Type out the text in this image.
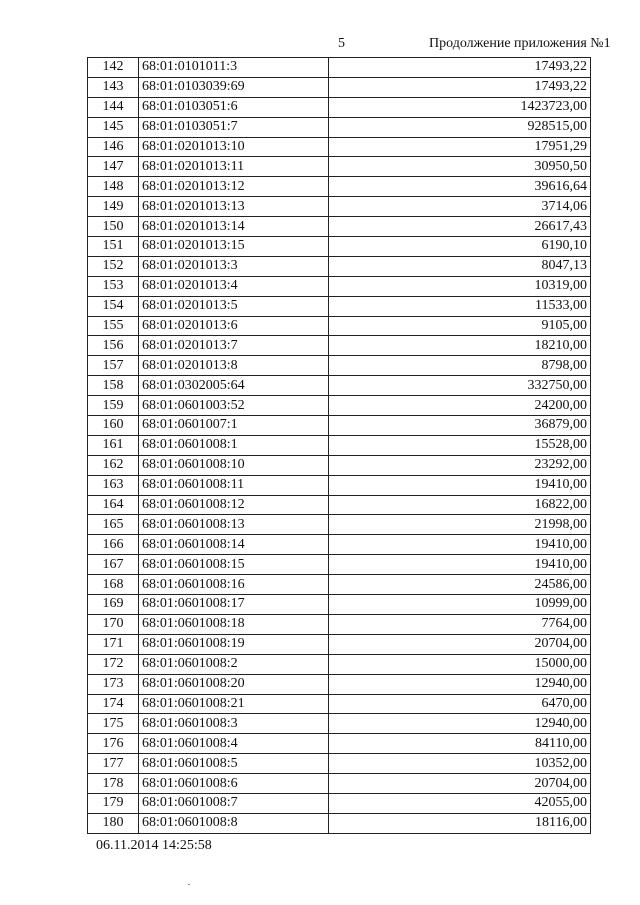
5	Продолжение приложения №1
142	68:01:0101011:3	17493,22
143	68:01:0103039:69	17493,22
144	68:01:0103051:6	1423723,00
145	68:01:0103051:7	928515,00
146	68:01:0201013:10	17951,29
147	68:01:0201013:11	30950,50
148	68:01:0201013:12	39616,64
149	68:01:0201013:13	3714,06
150	68:01:0201013:14	26617,43
151	68:01:0201013:15	6190,10
152	68:01:0201013:3	8047,13
153	68:01:0201013:4	10319,00
154	68:01:0201013:5	11533,00
155	68:01:0201013:6	9105,00
156	68:01:0201013:7	18210,00
157	68:01:0201013:8	8798,00
158	68:01:0302005:64	332750,00
159	68:01:0601003:52	24200,00
160	68:01:0601007:1	36879,00
161	68:01:0601008:1	15528,00
162	68:01:0601008:10	23292,00
163	68:01:0601008:11	19410,00
164	68:01:0601008:12	16822,00
165	68:01:0601008:13	21998,00
166	68:01:0601008:14	19410,00
167	68:01:0601008:15	19410,00
168	68:01:0601008:16	24586,00
169	68:01:0601008:17	10999,00
170	68:01:0601008:18	7764,00
171	68:01:0601008:19	20704,00
172	68:01:0601008:2	15000,00
173	68:01:0601008:20	12940,00
174	68:01:0601008:21	6470,00
175	68:01:0601008:3	12940,00
176	68:01:0601008:4	84110,00
177	68:01:0601008:5	10352,00
178	68:01:0601008:6	20704,00
179	68:01:0601008:7	42055,00
180	68:01:0601008:8	18116,00
06.11.2014 14:25:58
